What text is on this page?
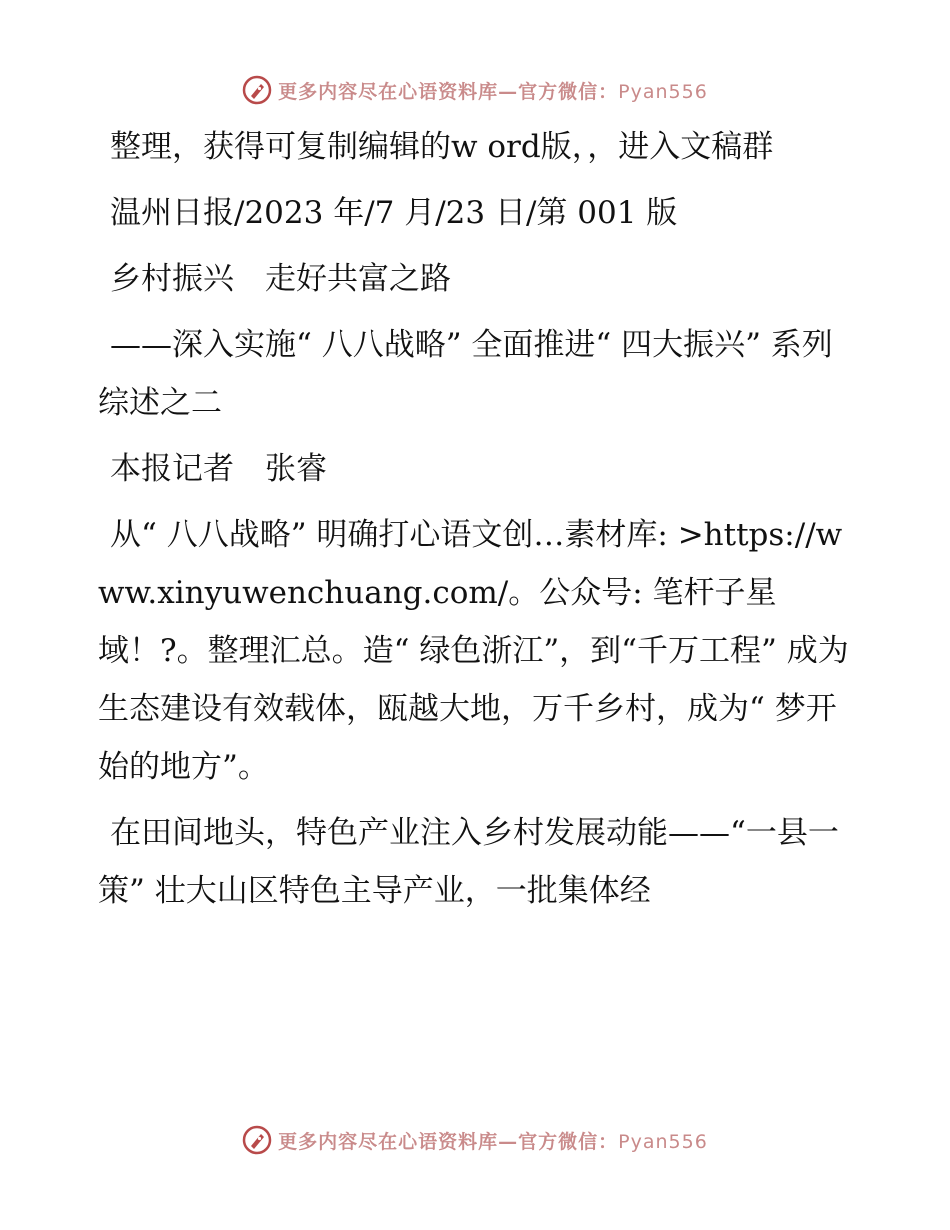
更多内容尽在心语资料库—官方微信：Pyan556

整理，获得可复制编辑的w ord版，，进入文稿群

温州日报/2023 年/7 月/23 日/第 001 版

乡村振兴　走好共富之路

——深入实施“ 八八战略” 全面推进“ 四大振兴” 系列综述之二

本报记者　张睿

从“ 八八战略” 明确打心语文创…素材库: >https://www.xinyuwenchuang.com/。公众号: 笔杆子星域！?。整理汇总。造“ 绿色浙江”，到“千万工程” 成为生态建设有效载体，瓯越大地，万千乡村，成为“ 梦开始的地方”。

在田间地头，特色产业注入乡村发展动能——“一县一策” 壮大山区特色主导产业，一批集体经

更多内容尽在心语资料库—官方微信：Pyan556
